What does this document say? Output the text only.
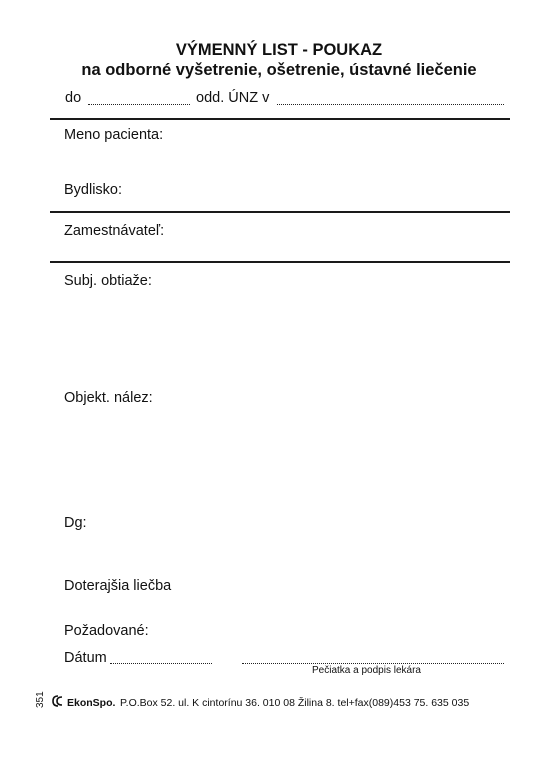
VÝMENNÝ LIST - POUKAZ
na odborné vyšetrenie, ošetrenie, ústavné liečenie
do	odd. ÚNZ v
Meno pacienta:
Bydlisko:
Zamestnávateľ:
Subj. obtiaže:
Objekt. nález:
Dg:
Doterajšia liečba
Požadované:
Dátum
Pečiatka a podpis lekára
351 EkonSpo. P.O.Box 52. ul. K cintorínu 36. 010 08 Žilina 8. tel+fax(089)453 75. 635 035
